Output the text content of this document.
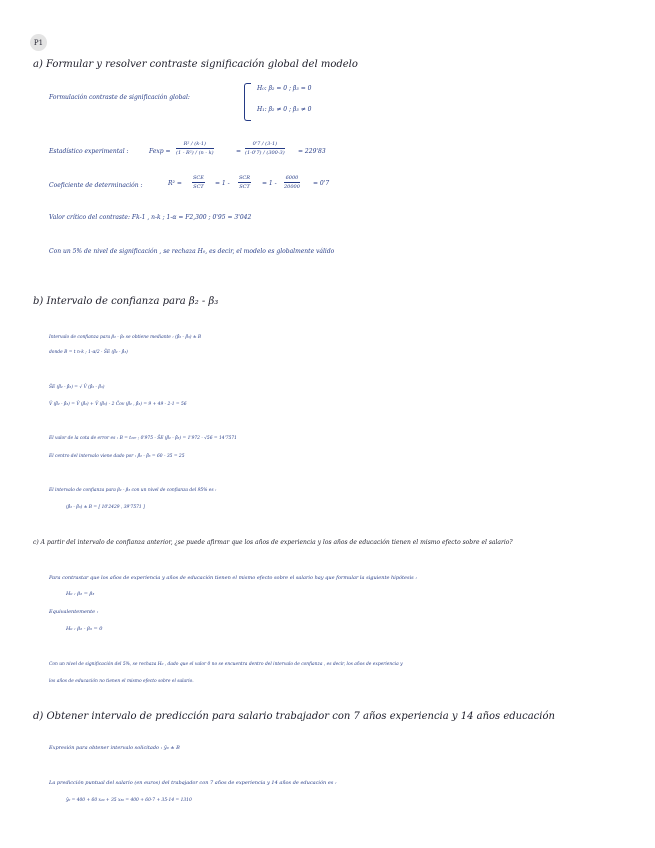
P1
a) Formular y resolver contraste significación global del modelo
Formulación contraste de significación global:
H₀: β₂ = 0 ; β₃ = 0
H₁: β₂ ≠ 0 ; β₃ ≠ 0
Estadístico experimental :	$Fexp = \frac{\text{R² / (k-1)}}{\text{(1 - R²) / (n - k)}}$	= $\frac{0'7 / (3-1)}{(1-0'7) / (300-3)} = 229'83$
Coeficiente de determinación :	R² =
SCE
SCT = 1 -
SCR
SCT = $1 - \frac{6000}{20000} = 0'7$
Valor crítico del contraste: Fk-1 , n-k ; 1-α = F2,300 ; 0'95 = 3'042
Con un 5% de nivel de significación , se rechaza H₀, es decir, el modelo es globalmente válido
b) Intervalo de confianza para β₂ - β₃
Intervalo de confianza para β₂ - β₃ se obtiene mediante : (β̂₂ - β̂₃) ± B
donde B = t n-k ; 1-α/2 · ŜE (β̂₂ - β̂₃)
ŜE (β̂₂ - β̂₃) = √ V̂ (β̂₂ - β̂₃)
V̂ (β̂₂ - β̂₃) = V̂ (β̂₂) + V̂ (β̂₃) - 2 Ĉov (β̂₂ , β̂₃) = 9 + 49 - 2·1 = 56
El valor de la cota de error es : B = t₂₉₇ ; 0'975 · ŜE (β̂₂ - β̂₃) = 1'972 · √56 = 14'7571
El centro del intervalo viene dado por : β̂₂ - β̂₃ = 60 - 35 = 25
El intervalo de confianza para β₂ - β₃ con un nivel de confianza del 95% es :
(β̂₂ - β̂₃) ± B = [ 10'2429 , 39'7571 ]
c) A partir del intervalo de confianza anterior, ¿se puede afirmar que los años de experiencia y los años de educación tienen el mismo efecto sobre el salario?
Para contrastar que los años de experiencia y años de educación tienen el mismo efecto sobre el salario hay que formular la siguiente hipótesis :
H₀ : β₂ = β₃
Equivalentemente :
H₀ : β₂ - β₃ = 0
Con un nivel de significación del 5%, se rechaza H₀ , dado que el valor 0 no se encuentra dentro del intervalo de confianza , es decir, los años de experiencia y
los años de educación no tienen el mismo efecto sobre el salario.
d) Obtener intervalo de predicción para salario trabajador con 7 años experiencia y 14 años educación
Expresión para obtener intervalo solicitado : ŷ₀ ± B
La predicción puntual del salario (en euros) del trabajador con 7 años de experiencia y 14 años de educación es :
ŷ₀ = 400 + 60 x₂₀ + 35 x₃₀ = 400 + 60·7 + 35·14 = 1310
